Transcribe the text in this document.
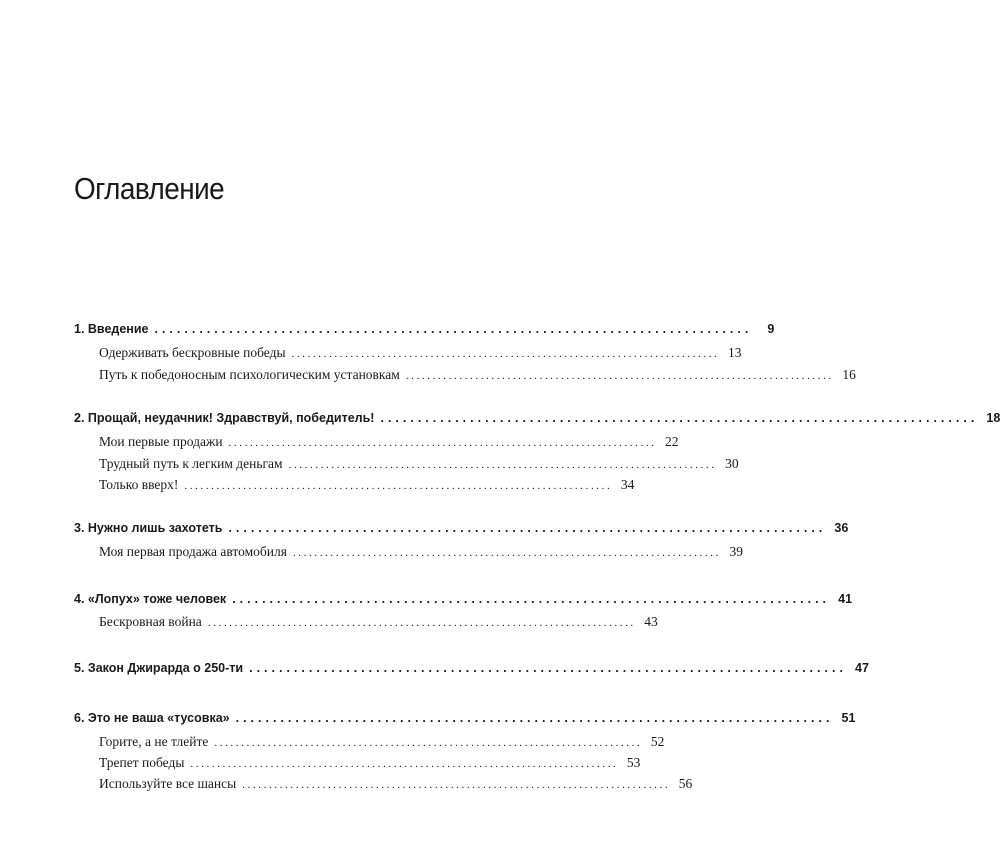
Оглавление
1. Введение ................................................................................	9
Одерживать бескровные победы ................................................................................ 13
Путь к победоносным психологическим установкам ................................................................................ 16
2. Прощай, неудачник! Здравствуй, победитель! ................................................................................ 18
Мои первые продажи ................................................................................ 22
Трудный путь к легким деньгам ................................................................................ 30
Только вверх! ................................................................................ 34
3. Нужно лишь захотеть ................................................................................ 36
Моя первая продажа автомобиля ................................................................................ 39
4. «Лопух» тоже человек ................................................................................ 41
Бескровная война ................................................................................ 43
5. Закон Джирарда о 250-ти ................................................................................ 47
6. Это не ваша «тусовка» ................................................................................ 51
Горите, а не тлейте ................................................................................ 52
Трепет победы ................................................................................ 53
Используйте все шансы ................................................................................ 56
